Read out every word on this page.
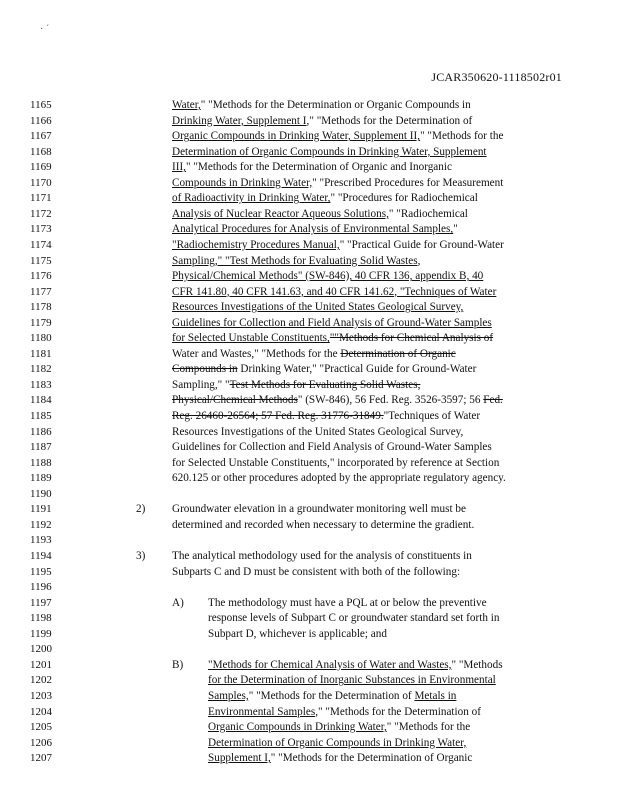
· ´
JCAR350620-1118502r01
1165	Water," "Methods for the Determination or Organic Compounds in
1166	Drinking Water, Supplement I," "Methods for the Determination of
1167	Organic Compounds in Drinking Water, Supplement II," "Methods for the
1168	Determination of Organic Compounds in Drinking Water, Supplement
1169	III," "Methods for the Determination of Organic and Inorganic
1170	Compounds in Drinking Water," "Prescribed Procedures for Measurement
1171	of Radioactivity in Drinking Water," "Procedures for Radiochemical
1172	Analysis of Nuclear Reactor Aqueous Solutions," "Radiochemical
1173	Analytical Procedures for Analysis of Environmental Samples,"
1174	"Radiochemistry Procedures Manual," "Practical Guide for Ground-Water
1175	Sampling," "Test Methods for Evaluating Solid Wastes,
1176	Physical/Chemical Methods" (SW-846), 40 CFR 136, appendix B, 40
1177	CFR 141.80, 40 CFR 141.63, and 40 CFR 141.62, "Techniques of Water
1178	Resources Investigations of the United States Geological Survey,
1179	Guidelines for Collection and Field Analysis of Ground-Water Samples
1180	for Selected Unstable Constituents,""Methods for Chemical Analysis of
1181	Water and Wastes," "Methods for the Determination of Organic
1182	Compounds in Drinking Water," "Practical Guide for Ground-Water
1183	Sampling," "Test Methods for Evaluating Solid Wastes,
1184	Physical/Chemical Methods" (SW-846), 56 Fed. Reg. 3526-3597; 56 Fed.
1185	Reg. 26460-26564; 57 Fed. Reg. 31776-31849."Techniques of Water
1186	Resources Investigations of the United States Geological Survey,
1187	Guidelines for Collection and Field Analysis of Ground-Water Samples
1188	for Selected Unstable Constituents," incorporated by reference at Section
1189	620.125 or other procedures adopted by the appropriate regulatory agency.
1190
1191	2) Groundwater elevation in a groundwater monitoring well must be
1192	determined and recorded when necessary to determine the gradient.
1193
1194	3) The analytical methodology used for the analysis of constituents in
1195	Subparts C and D must be consistent with both of the following:
1196
1197	A) The methodology must have a PQL at or below the preventive
1198	response levels of Subpart C or groundwater standard set forth in
1199	Subpart D, whichever is applicable; and
1200
1201	B) "Methods for Chemical Analysis of Water and Wastes," "Methods
1202	for the Determination of Inorganic Substances in Environmental
1203	Samples," "Methods for the Determination of Metals in
1204	Environmental Samples," "Methods for the Determination of
1205	Organic Compounds in Drinking Water," "Methods for the
1206	Determination of Organic Compounds in Drinking Water,
1207	Supplement I," "Methods for the Determination of Organic
